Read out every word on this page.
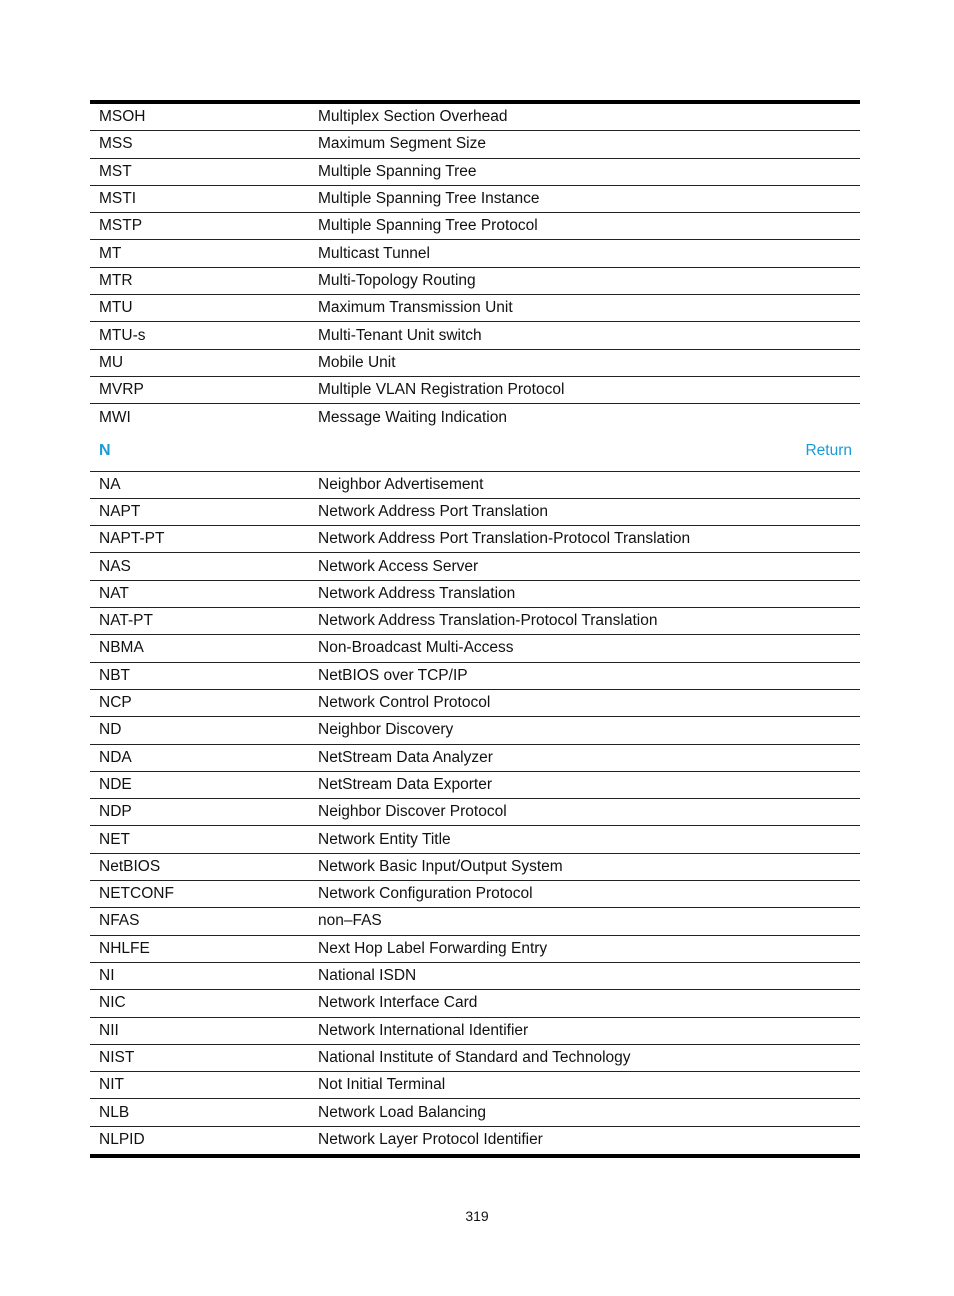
MSOH	Multiplex Section Overhead
MSS	Maximum Segment Size
MST	Multiple Spanning Tree
MSTI	Multiple Spanning Tree Instance
MSTP	Multiple Spanning Tree Protocol
MT	Multicast Tunnel
MTR	Multi-Topology Routing
MTU	Maximum Transmission Unit
MTU-s	Multi-Tenant Unit switch
MU	Mobile Unit
MVRP	Multiple VLAN Registration Protocol
MWI	Message Waiting Indication
N	Return
NA	Neighbor Advertisement
NAPT	Network Address Port Translation
NAPT-PT	Network Address Port Translation-Protocol Translation
NAS	Network Access Server
NAT	Network Address Translation
NAT-PT	Network Address Translation-Protocol Translation
NBMA	Non-Broadcast Multi-Access
NBT	NetBIOS over TCP/IP
NCP	Network Control Protocol
ND	Neighbor Discovery
NDA	NetStream Data Analyzer
NDE	NetStream Data Exporter
NDP	Neighbor Discover Protocol
NET	Network Entity Title
NetBIOS	Network Basic Input/Output System
NETCONF	Network Configuration Protocol
NFAS	non–FAS
NHLFE	Next Hop Label Forwarding Entry
NI	National ISDN
NIC	Network Interface Card
NII	Network International Identifier
NIST	National Institute of Standard and Technology
NIT	Not Initial Terminal
NLB	Network Load Balancing
NLPID	Network Layer Protocol Identifier
319
